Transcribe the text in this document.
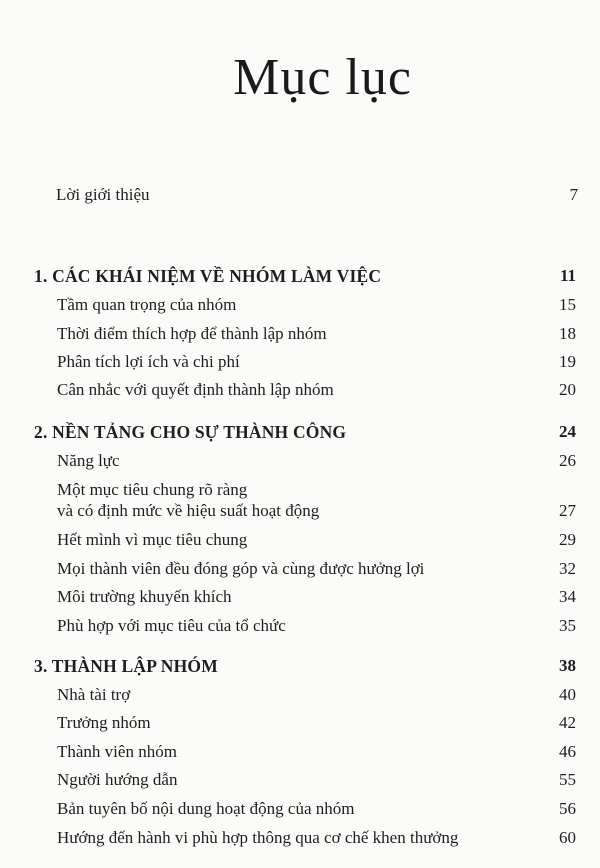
Mục lục
Lời giới thiệu	7
1. CÁC KHÁI NIỆM VỀ NHÓM LÀM VIỆC	11
Tầm quan trọng của nhóm	15
Thời điểm thích hợp để thành lập nhóm	18
Phân tích lợi ích và chi phí	19
Cân nhắc với quyết định thành lập nhóm	20
2. NỀN TẢNG CHO SỰ THÀNH CÔNG	24
Năng lực	26
Một mục tiêu chung rõ ràng
và có định mức về hiệu suất hoạt động	27
Hết mình vì mục tiêu chung	29
Mọi thành viên đều đóng góp và cùng được hưởng lợi	32
Môi trường khuyến khích	34
Phù hợp với mục tiêu của tổ chức	35
3. THÀNH LẬP NHÓM	38
Nhà tài trợ	40
Trưởng nhóm	42
Thành viên nhóm	46
Người hướng dẫn	55
Bản tuyên bố nội dung hoạt động của nhóm	56
Hướng đến hành vi phù hợp thông qua cơ chế khen thưởng	60
